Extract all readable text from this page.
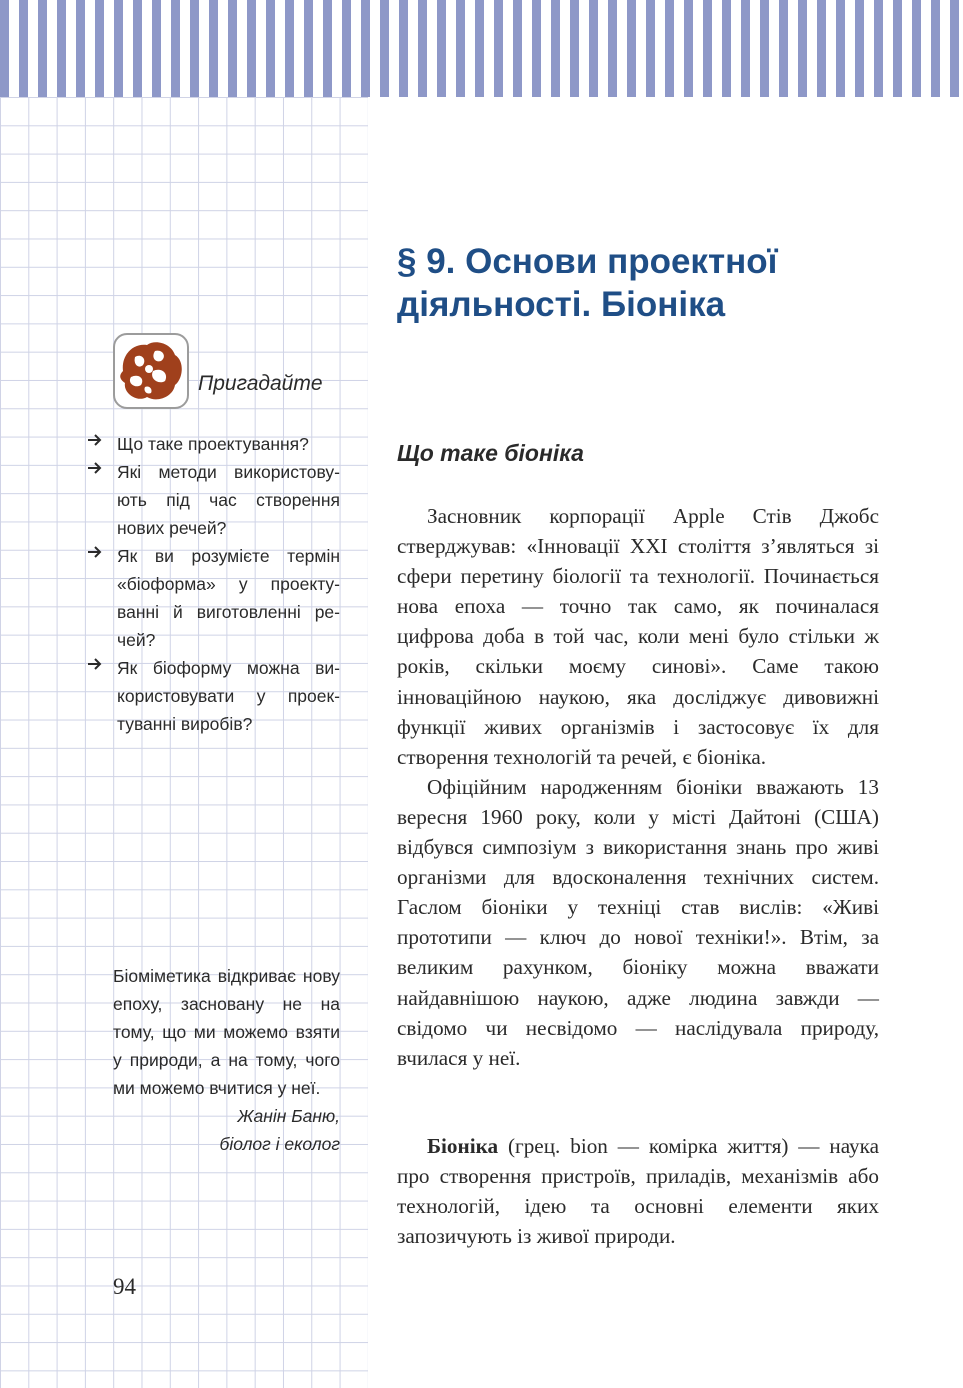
Пригадайте
Що таке проектування?
Які методи використову-ють під час створення нових речей?
Як ви розумієте термін «біоформа» у проекту-ванні й виготовленні ре-чей?
Як біоформу можна ви-користовувати у проек-туванні виробів?
Біоміметика відкриває нову епоху, засновану не на тому, що ми можемо взяти у природи, а на тому, чого ми можемо вчитися у неї.
Жанін Баню,
біолог і еколог
94
§ 9. Основи проектної діяльності. Біоніка
Що таке біоніка

Засновник корпорації Apple Стів Джобс стверджував: «Інновації XXI століття з’являться зі сфери перетину біології та технології. Починається нова епоха — точно так само, як починалася цифрова доба в той час, коли мені було стільки ж років, скільки моєму синові». Саме такою інноваційною наукою, яка досліджує дивовижні функції живих організмів і застосовує їх для створення технологій та речей, є біоніка.

Офіційним народженням біоніки вважають 13 вересня 1960 року, коли у місті Дайтоні (США) відбувся симпозіум з використання знань про живі організми для вдосконалення технічних систем. Гаслом біоніки у техніці став вислів: «Живі прототипи — ключ до нової техніки!». Втім, за великим рахунком, біоніку можна вважати найдавнішою наукою, адже людина завжди — свідомо чи несвідомо — наслідувала природу, вчилася у неї.

Біоніка (грец. bion — комірка життя) — наука про створення пристроїв, приладів, механізмів або технологій, ідею та основні елементи яких запозичують із живої природи.
